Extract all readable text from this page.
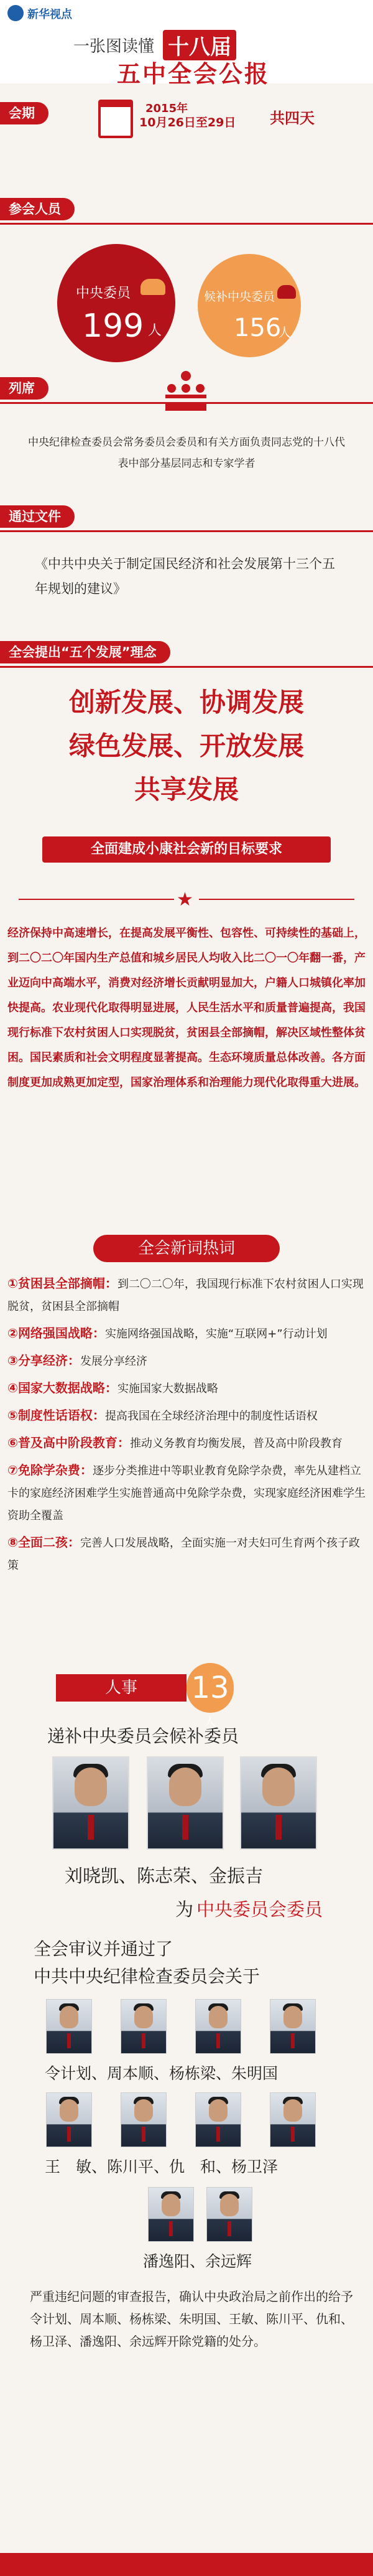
新华视点
一张图读懂 十八届
五中全会公报
会期	2015年
10月26日至29日 共四天
参会人员
中央委员
199 人
候补中央委员
156
人
列席
中央纪律检查委员会常务委员会委员和有关方面负责同志党的十八代表中部分基层同志和专家学者
通过文件
《中共中央关于制定国民经济和社会发展第十三个五年规划的建议》
全会提出“五个发展”理念
创新发展、协调发展
绿色发展、开放发展
共享发展
全面建成小康社会新的目标要求
★
经济保持中高速增长，在提高发展平衡性、包容性、可持续性的基础上，到二〇二〇年国内生产总值和城乡居民人均收入比二〇一〇年翻一番，产业迈向中高端水平，消费对经济增长贡献明显加大，户籍人口城镇化率加快提高。农业现代化取得明显进展，人民生活水平和质量普遍提高，我国现行标准下农村贫困人口实现脱贫，贫困县全部摘帽，解决区域性整体贫困。国民素质和社会文明程度显著提高。生态环境质量总体改善。各方面制度更加成熟更加定型，国家治理体系和治理能力现代化取得重大进展。
全会新词热词
①贫困县全部摘帽：到二〇二〇年，我国现行标准下农村贫困人口实现脱贫，贫困县全部摘帽
②网络强国战略：实施网络强国战略，实施“互联网+”行动计划
③分享经济：发展分享经济
④国家大数据战略：实施国家大数据战略
⑤制度性话语权：提高我国在全球经济治理中的制度性话语权
⑥普及高中阶段教育：推动义务教育均衡发展，普及高中阶段教育
⑦免除学杂费：逐步分类推进中等职业教育免除学杂费，率先从建档立卡的家庭经济困难学生实施普通高中免除学杂费，实现家庭经济困难学生资助全覆盖
⑧全面二孩：完善人口发展战略，全面实施一对夫妇可生育两个孩子政策
人事	13人
递补中央委员会候补委员
刘晓凯、陈志荣、金振吉
为 中央委员会委员
全会审议并通过了
中共中央纪律检查委员会关于
令计划、周本顺、杨栋梁、朱明国
王　敏、陈川平、仇　和、杨卫泽
潘逸阳、余远辉
严重违纪问题的审查报告，确认中央政治局之前作出的给予令计划、周本顺、杨栋梁、朱明国、王敏、陈川平、仇和、杨卫泽、潘逸阳、余远辉开除党籍的处分。
